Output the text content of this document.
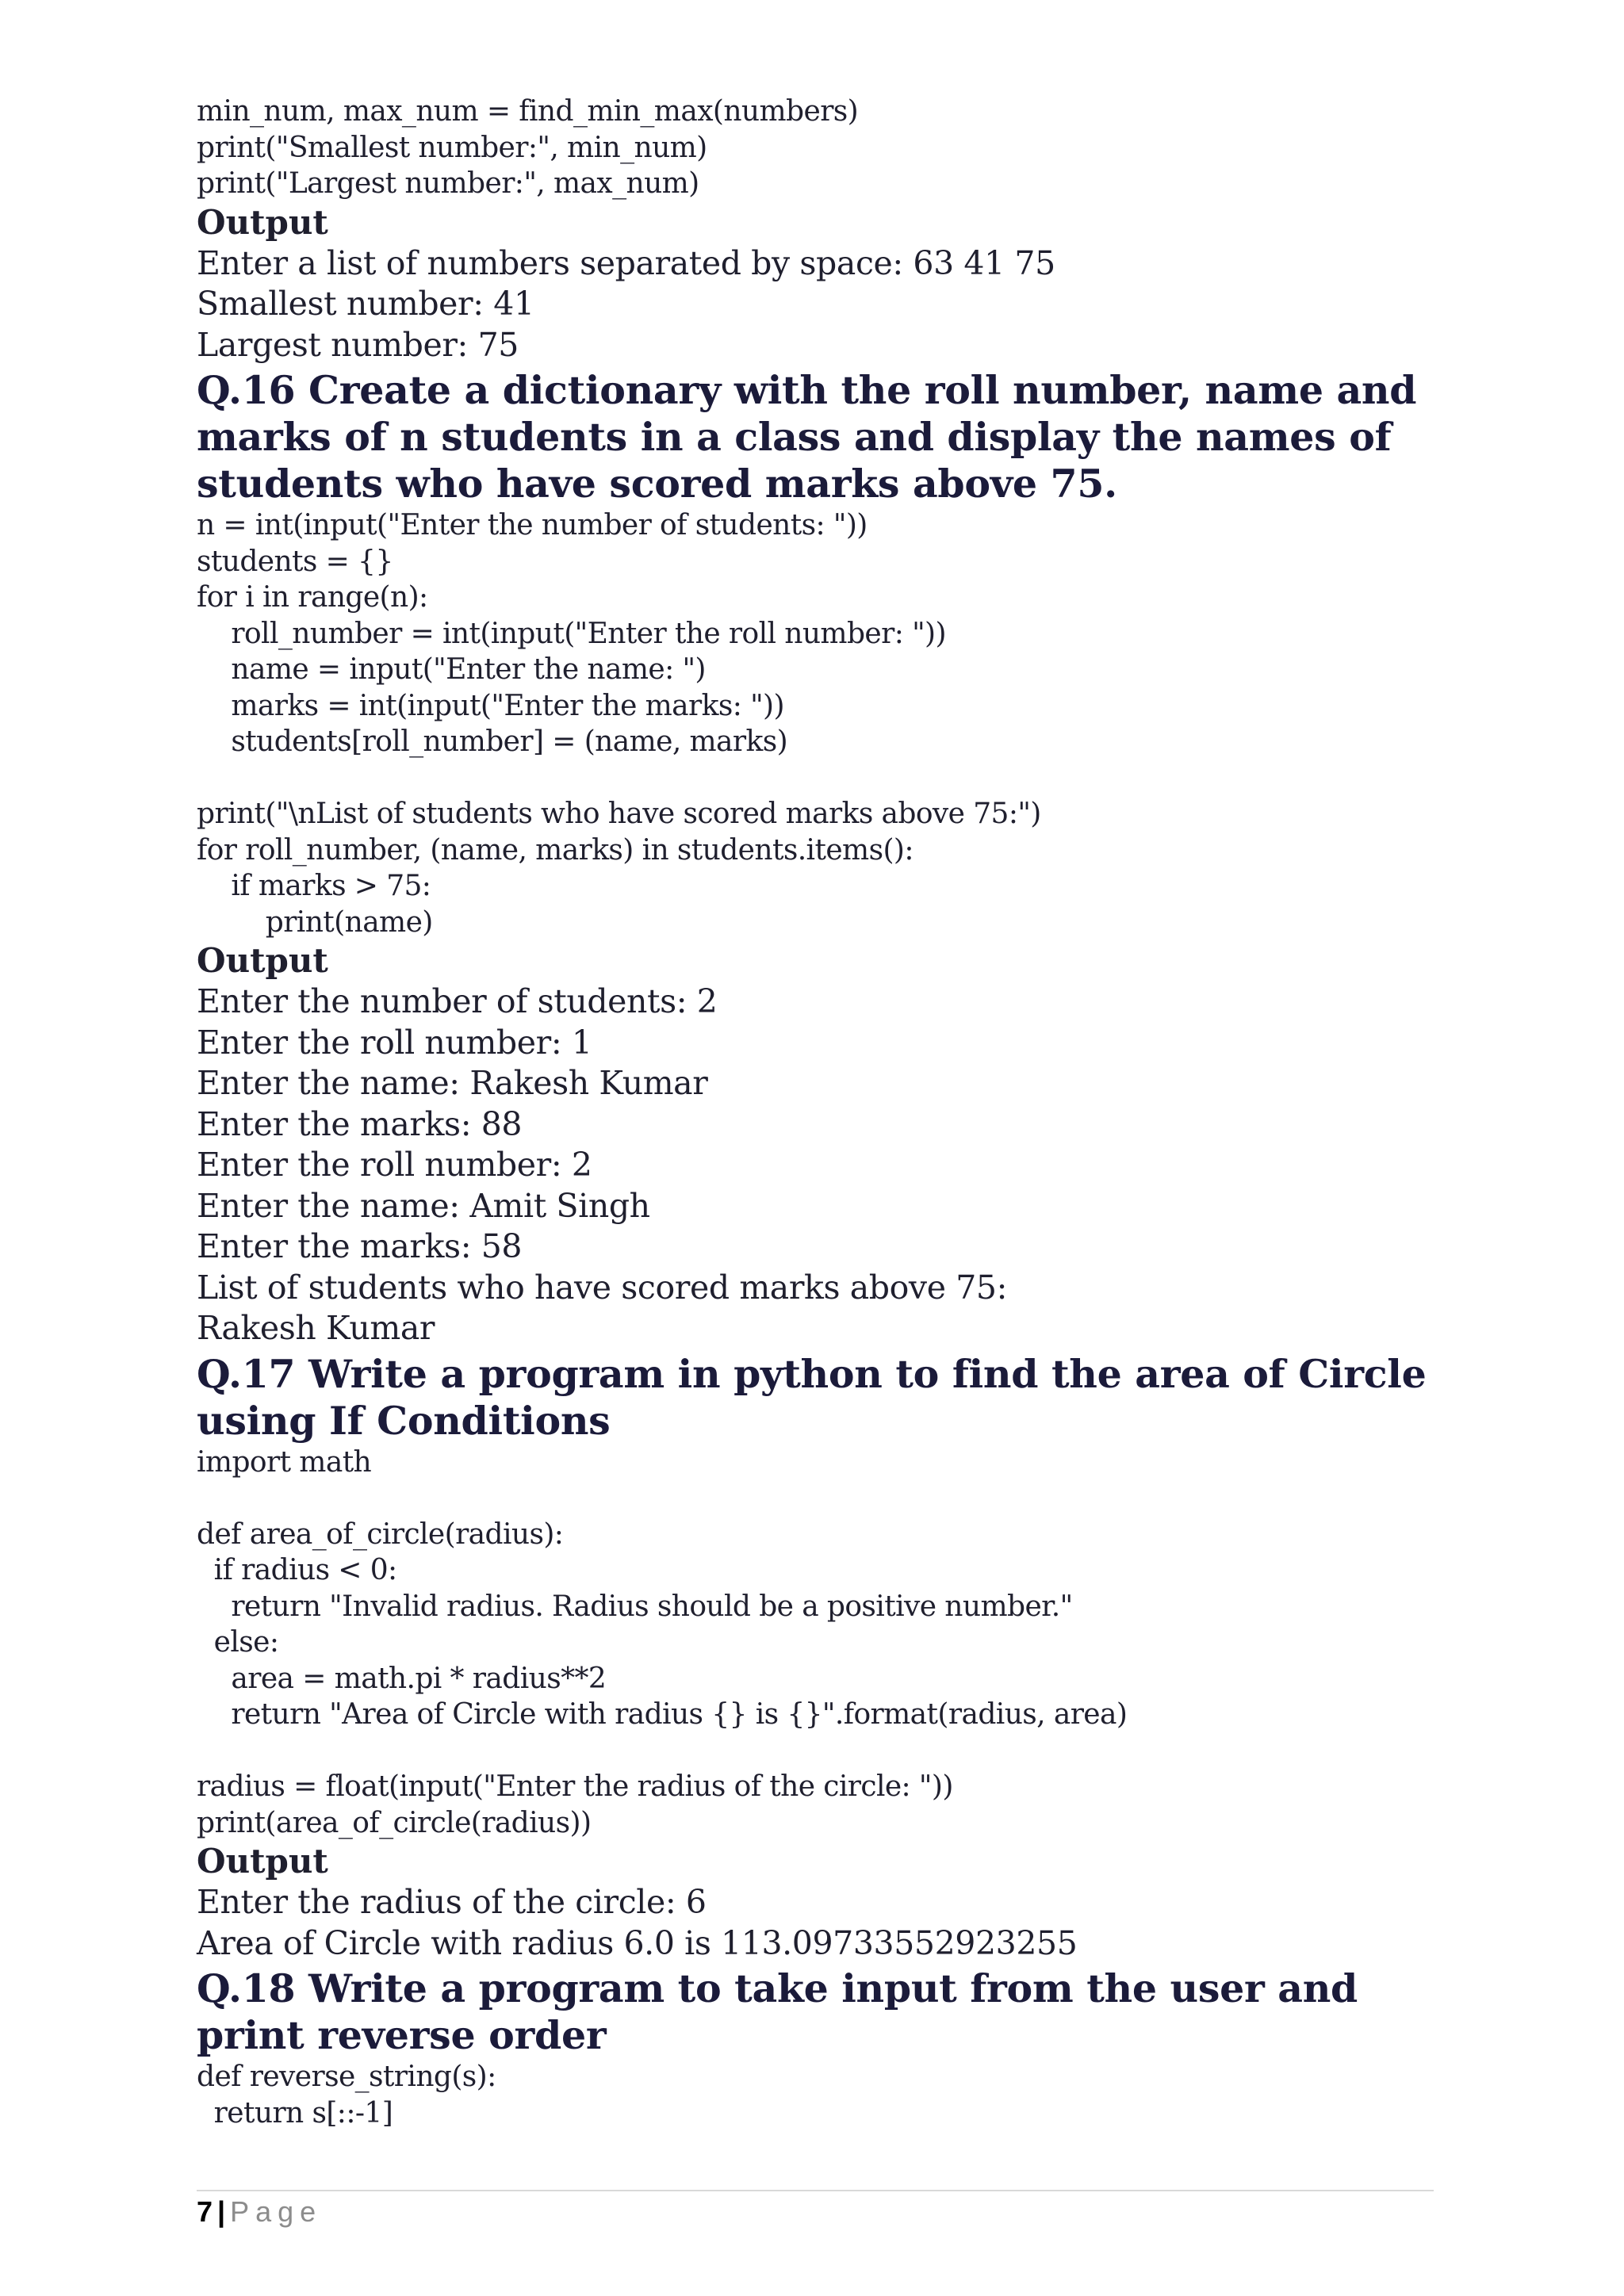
min_num, max_num = find_min_max(numbers)
print("Smallest number:", min_num)
print("Largest number:", max_num)
Output
Enter a list of numbers separated by space: 63 41 75
Smallest number: 41
Largest number: 75
Q.16 Create a dictionary with the roll number, name and marks of n students in a class and display the names of students who have scored marks above 75.
n = int(input("Enter the number of students: "))
students = {}
for i in range(n):
roll_number = int(input("Enter the roll number: "))
name = input("Enter the name: ")
marks = int(input("Enter the marks: "))
students[roll_number] = (name, marks)
print("\nList of students who have scored marks above 75:")
for roll_number, (name, marks) in students.items():
if marks > 75:
print(name)
Output
Enter the number of students: 2
Enter the roll number: 1
Enter the name: Rakesh Kumar
Enter the marks: 88
Enter the roll number: 2
Enter the name: Amit Singh
Enter the marks: 58
List of students who have scored marks above 75:
Rakesh Kumar
Q.17 Write a program in python to find the area of Circle using If Conditions
import math
def area_of_circle(radius):
if radius < 0:
return "Invalid radius. Radius should be a positive number."
else:
area = math.pi * radius**2
return "Area of Circle with radius {} is {}".format(radius, area)
radius = float(input("Enter the radius of the circle: "))
print(area_of_circle(radius))
Output
Enter the radius of the circle: 6
Area of Circle with radius 6.0 is 113.09733552923255
Q.18 Write a program to take input from the user and print reverse order
def reverse_string(s):
return s[::-1]
7 | Page
